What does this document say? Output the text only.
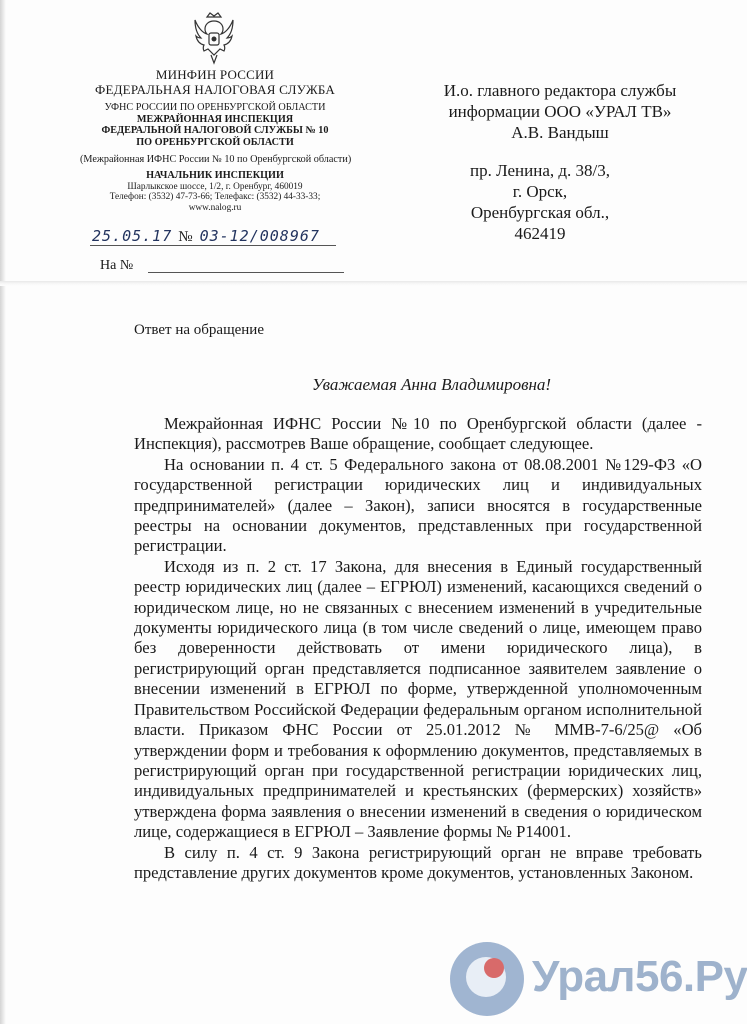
МИНФИН РОССИИ
ФЕДЕРАЛЬНАЯ НАЛОГОВАЯ СЛУЖБА
УФНС РОССИИ ПО ОРЕНБУРГСКОЙ ОБЛАСТИ
МЕЖРАЙОННАЯ ИНСПЕКЦИЯ
ФЕДЕРАЛЬНОЙ НАЛОГОВОЙ СЛУЖБЫ № 10
ПО ОРЕНБУРГСКОЙ ОБЛАСТИ
(Межрайонная ИФНС России № 10 по Оренбургской области)
НАЧАЛЬНИК ИНСПЕКЦИИ
Шарлыкское шоссе, 1/2, г. Оренбург, 460019
Телефон: (3532) 47-73-66; Телефакс: (3532) 44-33-33;
www.nalog.ru
25.05.17 № 03-12/008967
На №
И.о. главного редактора службы
информации ООО «УРАЛ ТВ»
А.В. Вандыш
пр. Ленина, д. 38/3,
г. Орск,
Оренбургская обл.,
462419
Ответ на обращение
Уважаемая Анна Владимировна!

Межрайонная ИФНС России №10 по Оренбургской области (далее - Инспекция), рассмотрев Ваше обращение, сообщает следующее.

На основании п. 4 ст. 5 Федерального закона от 08.08.2001 №129-ФЗ «О государственной регистрации юридических лиц и индивидуальных предпринимателей» (далее – Закон), записи вносятся в государственные реестры на основании документов, представленных при государственной регистрации.

Исходя из п. 2 ст. 17 Закона, для внесения в Единый государственный реестр юридических лиц (далее – ЕГРЮЛ) изменений, касающихся сведений о юридическом лице, но не связанных с внесением изменений в учредительные документы юридического лица (в том числе сведений о лице, имеющем право без доверенности действовать от имени юридического лица), в регистрирующий орган представляется подписанное заявителем заявление о внесении изменений в ЕГРЮЛ по форме, утвержденной уполномоченным Правительством Российской Федерации федеральным органом исполнительной власти. Приказом ФНС России от 25.01.2012 № ММВ-7-6/25@ «Об утверждении форм и требования к оформлению документов, представляемых в регистрирующий орган при государственной регистрации юридических лиц, индивидуальных предпринимателей и крестьянских (фермерских) хозяйств» утверждена форма заявления о внесении изменений в сведения о юридическом лице, содержащиеся в ЕГРЮЛ – Заявление формы № Р14001.

В силу п. 4 ст. 9 Закона регистрирующий орган не вправе требовать представление других документов кроме документов, установленных Законом.

Урал56.Ру
